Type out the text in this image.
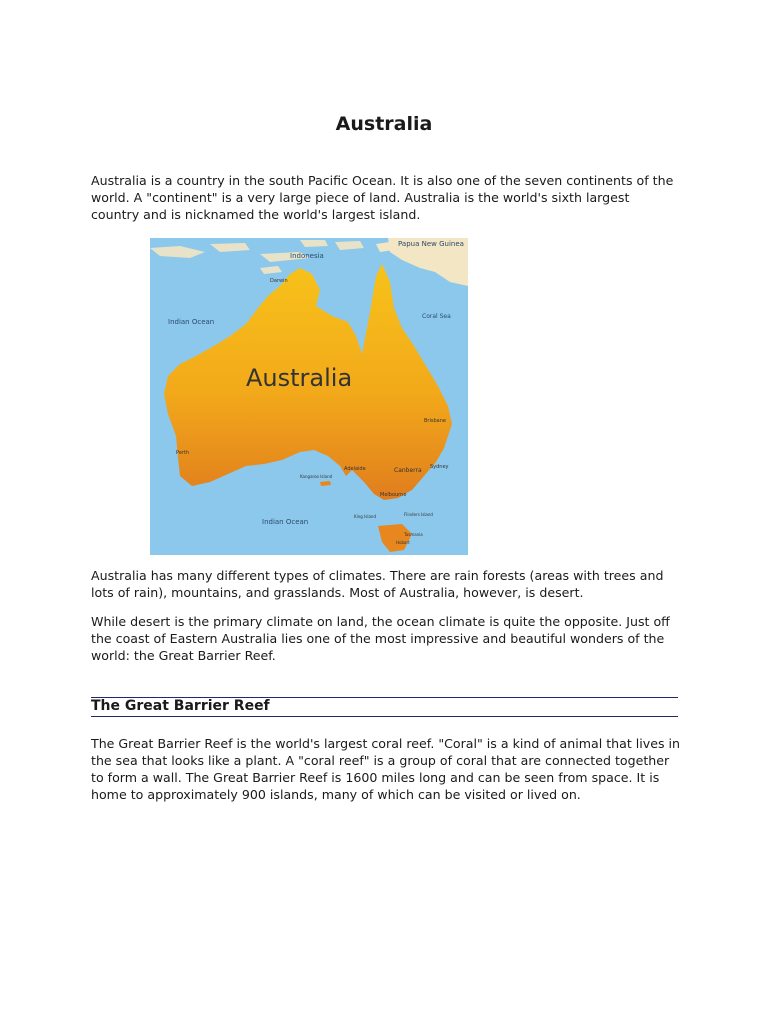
Australia

Australia is a country in the south Pacific Ocean. It is also one of the seven continents of the world. A "continent" is a very large piece of land. Australia is the world's sixth largest country and is nicknamed the world's largest island.

Australia
Indonesia
Papua New Guinea
Indian Ocean
Coral Sea
Indian Ocean
Darwin
Perth
Adelaide	Canberra Sydney
Brisbane
Melbourne
Kangaroo Island
King Island	Flinders Island
Tasmania
Hobart

Australia has many different types of climates. There are rain forests (areas with trees and lots of rain), mountains, and grasslands. Most of Australia, however, is desert.

While desert is the primary climate on land, the ocean climate is quite the opposite. Just off the coast of Eastern Australia lies one of the most impressive and beautiful wonders of the world: the Great Barrier Reef.

The Great Barrier Reef

The Great Barrier Reef is the world's largest coral reef. "Coral" is a kind of animal that lives in the sea that looks like a plant. A "coral reef" is a group of coral that are connected together to form a wall. The Great Barrier Reef is 1600 miles long and can be seen from space. It is home to approximately 900 islands, many of which can be visited or lived on.
